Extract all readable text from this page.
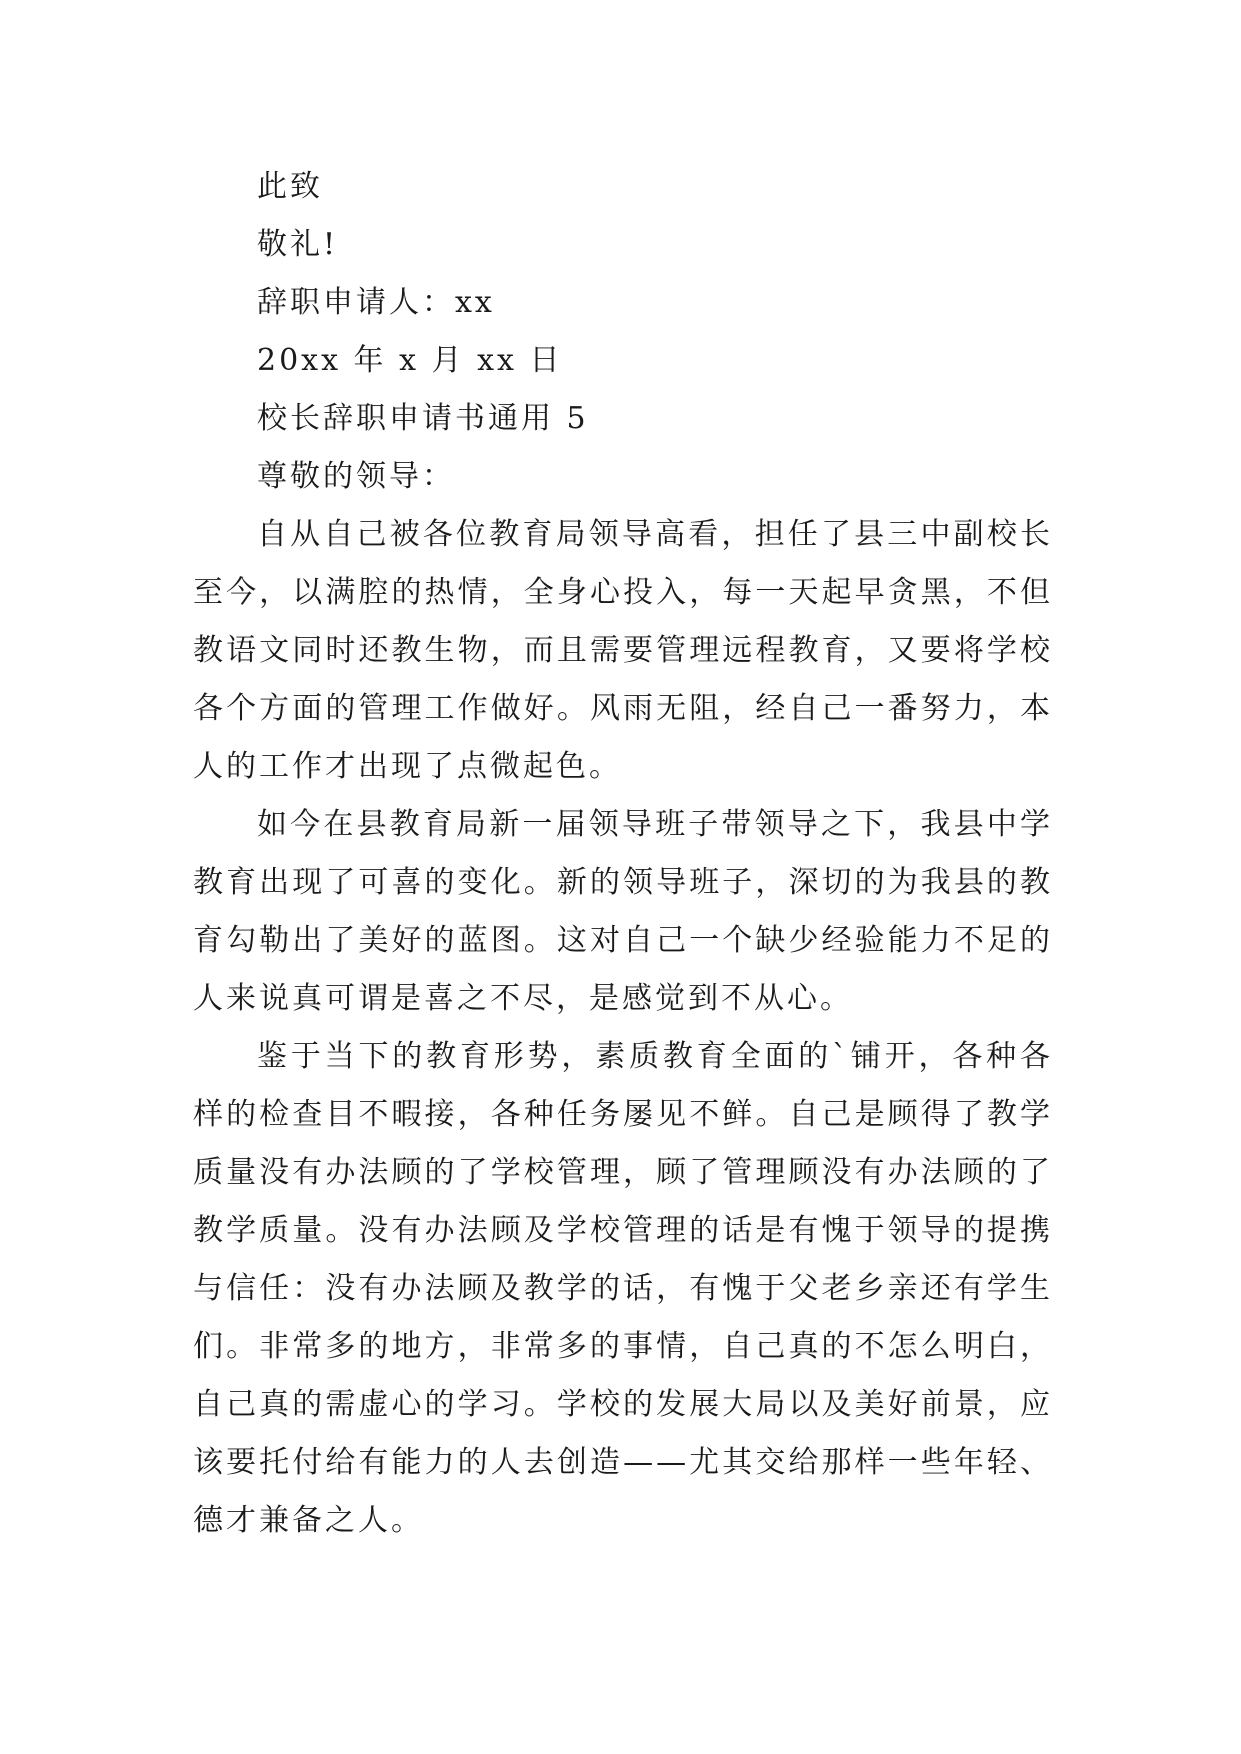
此致

敬礼!

辞职申请人：xx

20xx 年 x 月 xx 日

校长辞职申请书通用 5

尊敬的领导：

自从自己被各位教育局领导高看，担任了县三中副校长至今，以满腔的热情，全身心投入，每一天起早贪黑，不但教语文同时还教生物，而且需要管理远程教育，又要将学校各个方面的管理工作做好。风雨无阻，经自己一番努力，本人的工作才出现了点微起色。

如今在县教育局新一届领导班子带领导之下，我县中学教育出现了可喜的变化。新的领导班子，深切的为我县的教育勾勒出了美好的蓝图。这对自己一个缺少经验能力不足的人来说真可谓是喜之不尽，是感觉到不从心。

鉴于当下的教育形势，素质教育全面的`铺开，各种各样的检查目不暇接，各种任务屡见不鲜。自己是顾得了教学质量没有办法顾的了学校管理，顾了管理顾没有办法顾的了教学质量。没有办法顾及学校管理的话是有愧于领导的提携与信任：没有办法顾及教学的话，有愧于父老乡亲还有学生们。非常多的地方，非常多的事情，自己真的不怎么明白，自己真的需虚心的学习。学校的发展大局以及美好前景，应该要托付给有能力的人去创造——尤其交给那样一些年轻、德才兼备之人。
